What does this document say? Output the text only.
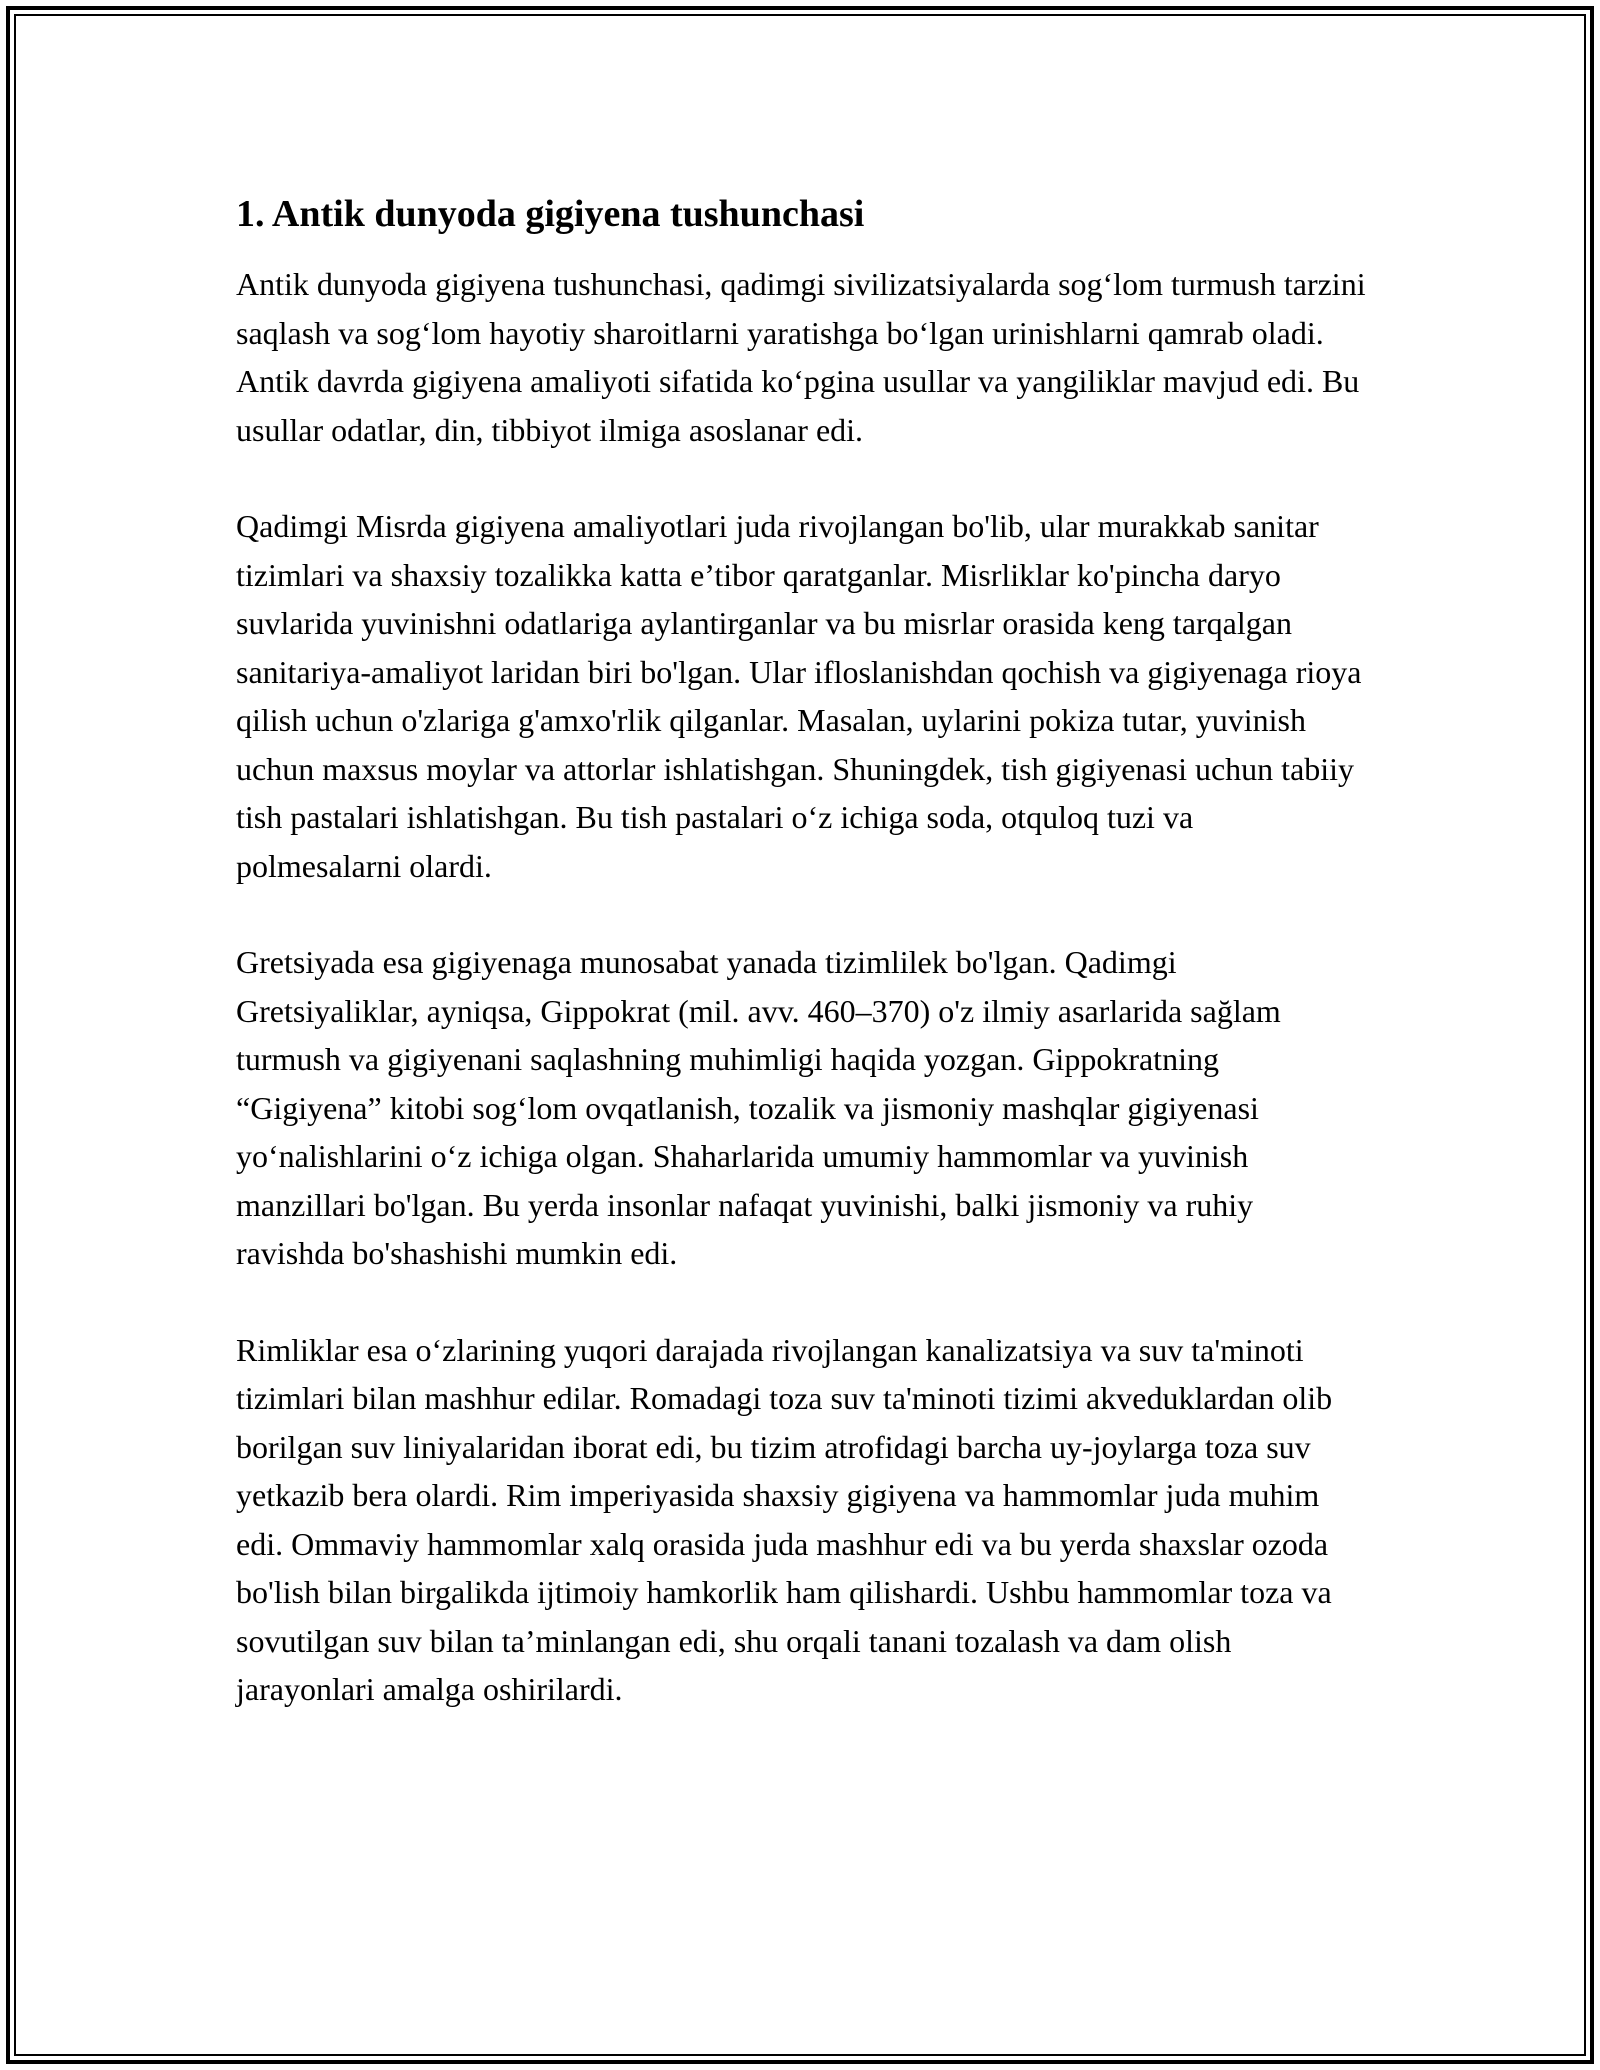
1. Antik dunyoda gigiyena tushunchasi

Antik dunyoda gigiyena tushunchasi, qadimgi sivilizatsiyalarda sog‘lom turmush tarzini saqlash va sog‘lom hayotiy sharoitlarni yaratishga bo‘lgan urinishlarni qamrab oladi. Antik davrda gigiyena amaliyoti sifatida ko‘pgina usullar va yangiliklar mavjud edi. Bu usullar odatlar, din, tibbiyot ilmiga asoslanar edi.

Qadimgi Misrda gigiyena amaliyotlari juda rivojlangan bo'lib, ular murakkab sanitar tizimlari va shaxsiy tozalikka katta e’tibor qaratganlar. Misrliklar ko'pincha daryo suvlarida yuvinishni odatlariga aylantirganlar va bu misrlar orasida keng tarqalgan sanitariya-amaliyot laridan biri bo'lgan. Ular ifloslanishdan qochish va gigiyenaga rioya qilish uchun o'zlariga g'amxo'rlik qilganlar. Masalan, uylarini pokiza tutar, yuvinish uchun maxsus moylar va attorlar ishlatishgan. Shuningdek, tish gigiyenasi uchun tabiiy tish pastalari ishlatishgan. Bu tish pastalari o‘z ichiga soda, otquloq tuzi va polmesalarni olardi.

Gretsiyada esa gigiyenaga munosabat yanada tizimlilek bo'lgan. Qadimgi Gretsiyaliklar, ayniqsa, Gippokrat (mil. avv. 460–370) o'z ilmiy asarlarida sağlam turmush va gigiyenani saqlashning muhimligi haqida yozgan. Gippokratning “Gigiyena” kitobi sog‘lom ovqatlanish, tozalik va jismoniy mashqlar gigiyenasi yo‘nalishlarini o‘z ichiga olgan. Shaharlarida umumiy hammomlar va yuvinish manzillari bo'lgan. Bu yerda insonlar nafaqat yuvinishi, balki jismoniy va ruhiy ravishda bo'shashishi mumkin edi.

Rimliklar esa o‘zlarining yuqori darajada rivojlangan kanalizatsiya va suv ta'minoti tizimlari bilan mashhur edilar. Romadagi toza suv ta'minoti tizimi akveduklardan olib borilgan suv liniyalaridan iborat edi, bu tizim atrofidagi barcha uy-joylarga toza suv yetkazib bera olardi. Rim imperiyasida shaxsiy gigiyena va hammomlar juda muhim edi. Ommaviy hammomlar xalq orasida juda mashhur edi va bu yerda shaxslar ozoda bo'lish bilan birgalikda ijtimoiy hamkorlik ham qilishardi. Ushbu hammomlar toza va sovutilgan suv bilan ta’minlangan edi, shu orqali tanani tozalash va dam olish jarayonlari amalga oshirilardi.
